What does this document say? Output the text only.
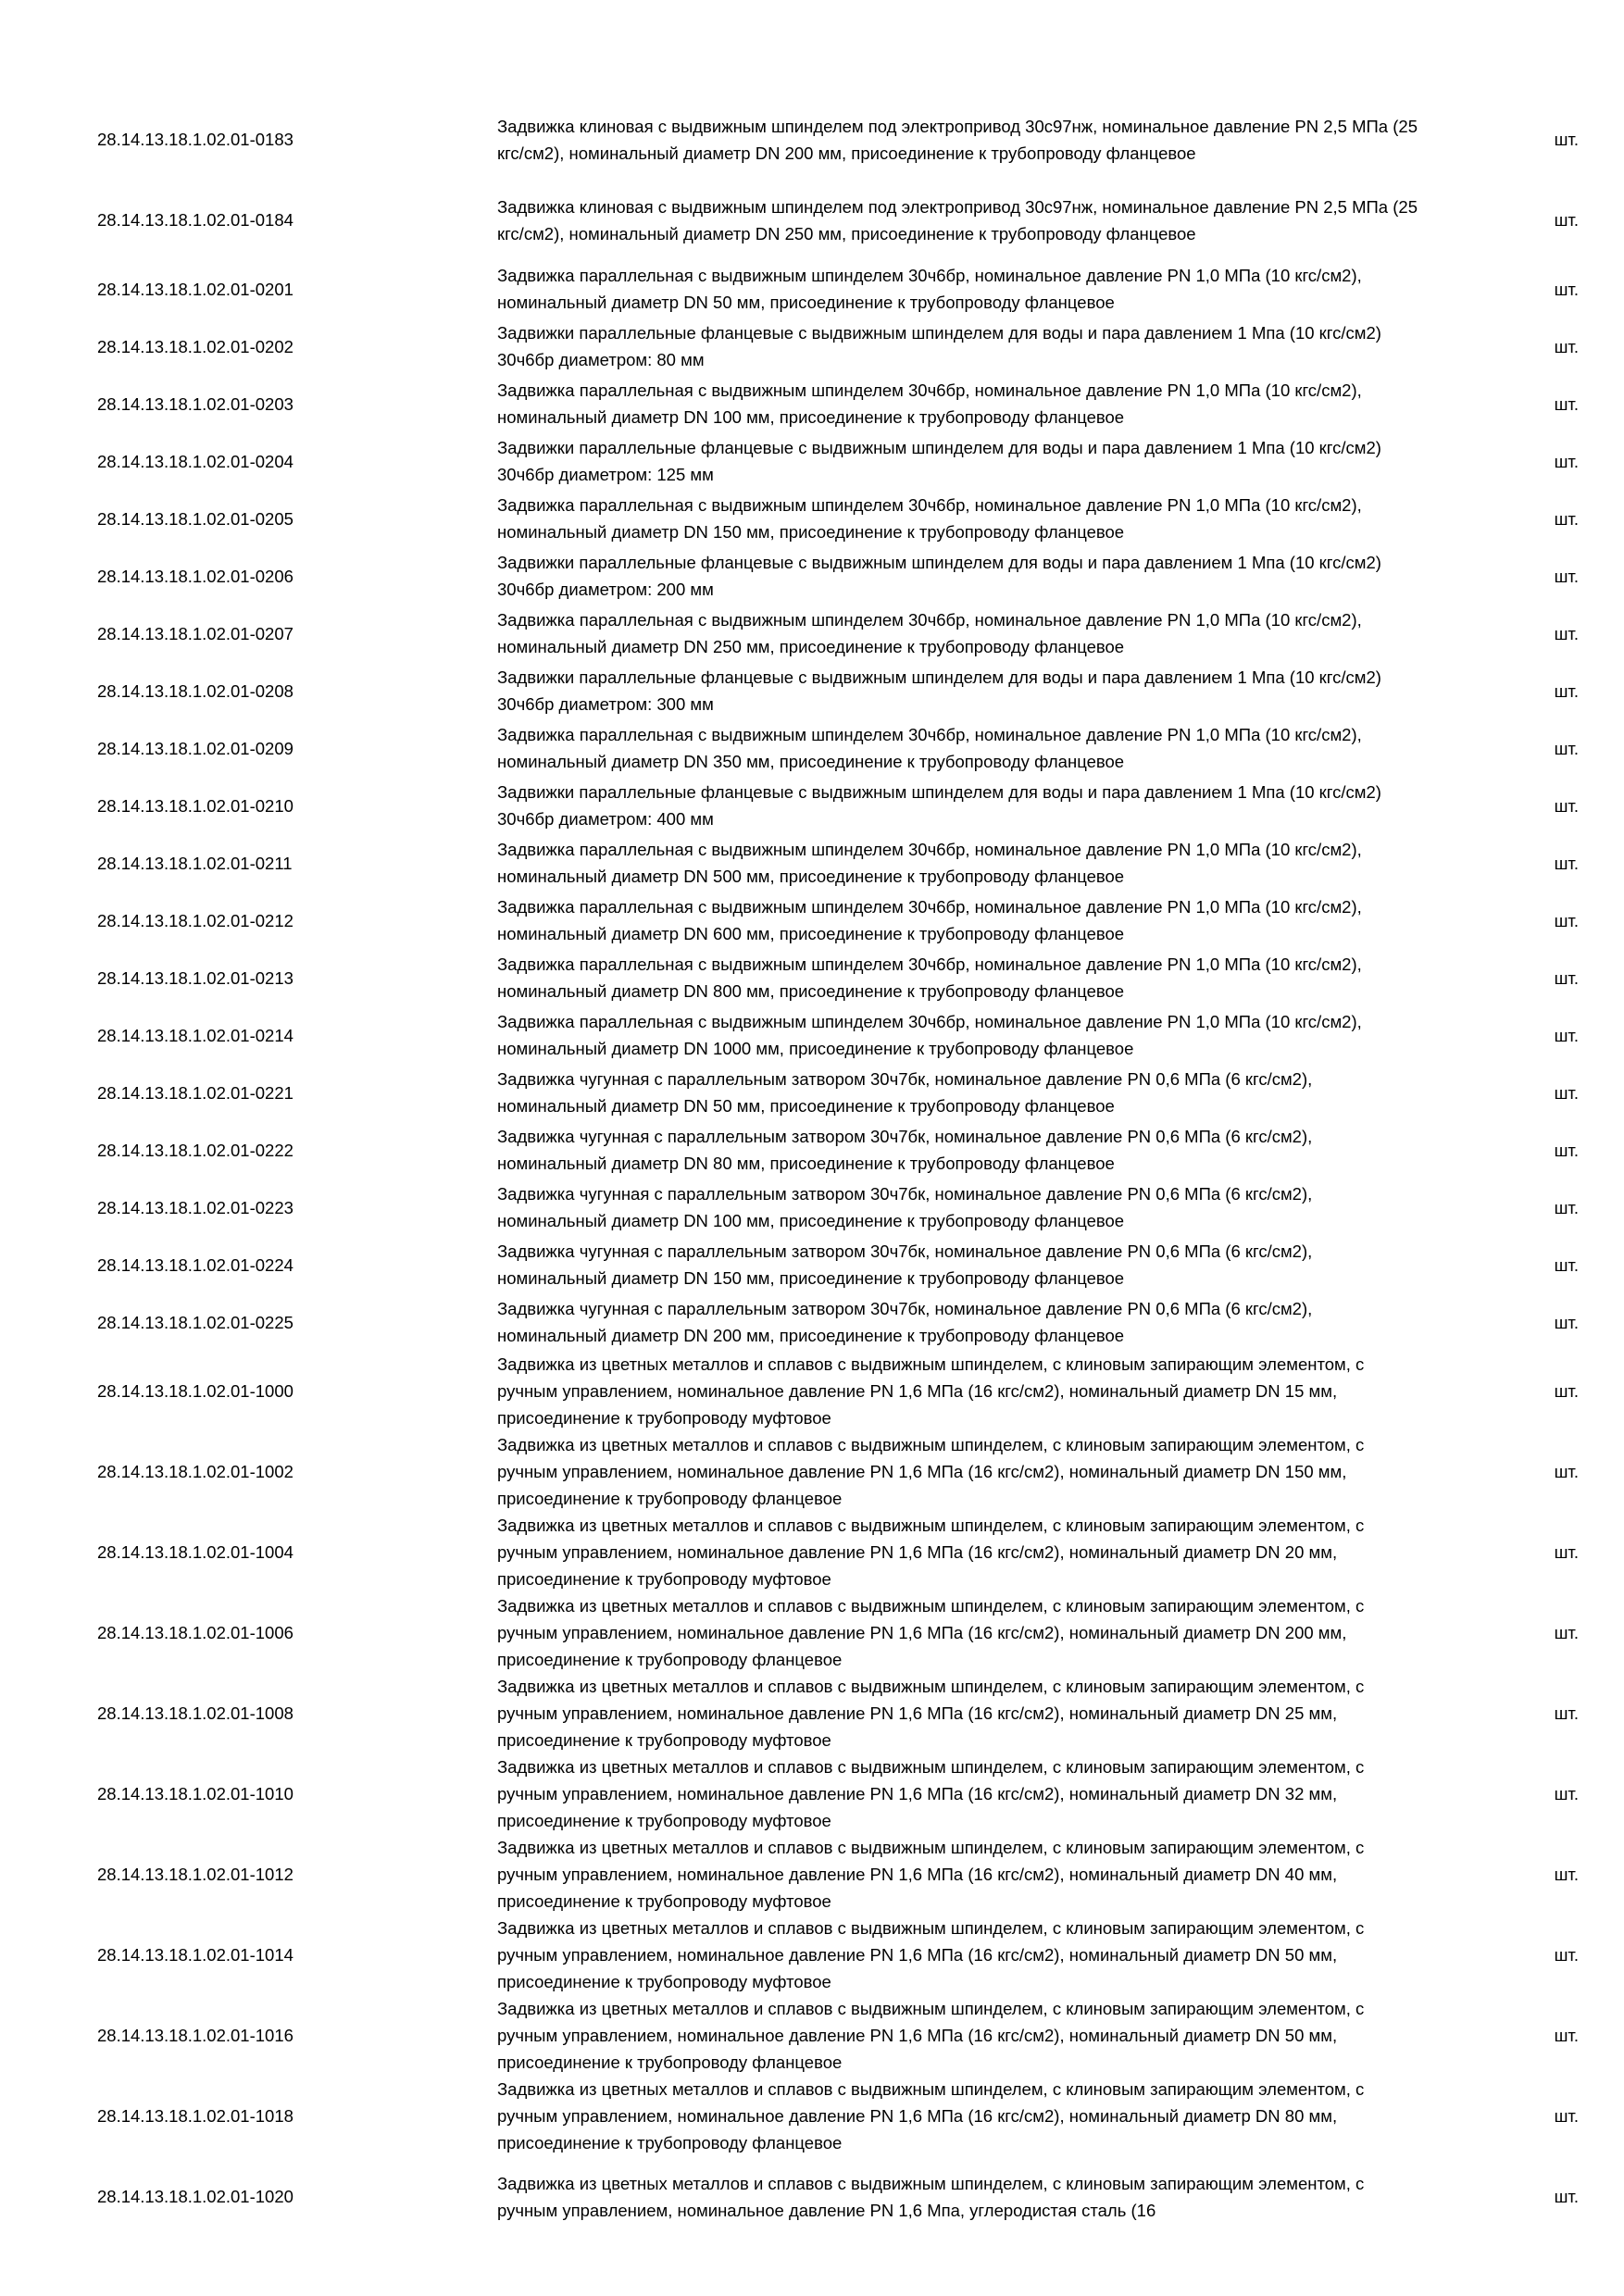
28.14.13.18.1.02.01-0183	Задвижка клиновая с выдвижным шпинделем под электропривод 30с97нж, номинальное давление PN 2,5 МПа (25 кгс/см2), номинальный диаметр DN 200 мм, присоединение к трубопроводу фланцевое	шт.
28.14.13.18.1.02.01-0184	Задвижка клиновая с выдвижным шпинделем под электропривод 30с97нж, номинальное давление PN 2,5 МПа (25 кгс/см2), номинальный диаметр DN 250 мм, присоединение к трубопроводу фланцевое	шт.
28.14.13.18.1.02.01-0201	Задвижка параллельная с выдвижным шпинделем 30ч6бр, номинальное давление PN 1,0 МПа (10 кгс/см2), номинальный диаметр DN 50 мм, присоединение к трубопроводу фланцевое	шт.
28.14.13.18.1.02.01-0202	Задвижки параллельные фланцевые с выдвижным шпинделем для воды и пара давлением 1 Мпа (10 кгс/см2) 30ч6бр диаметром: 80 мм	шт.
28.14.13.18.1.02.01-0203	Задвижка параллельная с выдвижным шпинделем 30ч6бр, номинальное давление PN 1,0 МПа (10 кгс/см2), номинальный диаметр DN 100 мм, присоединение к трубопроводу фланцевое	шт.
28.14.13.18.1.02.01-0204	Задвижки параллельные фланцевые с выдвижным шпинделем для воды и пара давлением 1 Мпа (10 кгс/см2) 30ч6бр диаметром: 125 мм	шт.
28.14.13.18.1.02.01-0205	Задвижка параллельная с выдвижным шпинделем 30ч6бр, номинальное давление PN 1,0 МПа (10 кгс/см2), номинальный диаметр DN 150 мм, присоединение к трубопроводу фланцевое	шт.
28.14.13.18.1.02.01-0206	Задвижки параллельные фланцевые с выдвижным шпинделем для воды и пара давлением 1 Мпа (10 кгс/см2) 30ч6бр диаметром: 200 мм	шт.
28.14.13.18.1.02.01-0207	Задвижка параллельная с выдвижным шпинделем 30ч6бр, номинальное давление PN 1,0 МПа (10 кгс/см2), номинальный диаметр DN 250 мм, присоединение к трубопроводу фланцевое	шт.
28.14.13.18.1.02.01-0208	Задвижки параллельные фланцевые с выдвижным шпинделем для воды и пара давлением 1 Мпа (10 кгс/см2) 30ч6бр диаметром: 300 мм	шт.
28.14.13.18.1.02.01-0209	Задвижка параллельная с выдвижным шпинделем 30ч6бр, номинальное давление PN 1,0 МПа (10 кгс/см2), номинальный диаметр DN 350 мм, присоединение к трубопроводу фланцевое	шт.
28.14.13.18.1.02.01-0210	Задвижки параллельные фланцевые с выдвижным шпинделем для воды и пара давлением 1 Мпа (10 кгс/см2) 30ч6бр диаметром: 400 мм	шт.
28.14.13.18.1.02.01-0211	Задвижка параллельная с выдвижным шпинделем 30ч6бр, номинальное давление PN 1,0 МПа (10 кгс/см2), номинальный диаметр DN 500 мм, присоединение к трубопроводу фланцевое	шт.
28.14.13.18.1.02.01-0212	Задвижка параллельная с выдвижным шпинделем 30ч6бр, номинальное давление PN 1,0 МПа (10 кгс/см2), номинальный диаметр DN 600 мм, присоединение к трубопроводу фланцевое	шт.
28.14.13.18.1.02.01-0213	Задвижка параллельная с выдвижным шпинделем 30ч6бр, номинальное давление PN 1,0 МПа (10 кгс/см2), номинальный диаметр DN 800 мм, присоединение к трубопроводу фланцевое	шт.
28.14.13.18.1.02.01-0214	Задвижка параллельная с выдвижным шпинделем 30ч6бр, номинальное давление PN 1,0 МПа (10 кгс/см2), номинальный диаметр DN 1000 мм, присоединение к трубопроводу фланцевое	шт.
28.14.13.18.1.02.01-0221	Задвижка чугунная с параллельным затвором 30ч7бк, номинальное давление PN 0,6 МПа (6 кгс/см2), номинальный диаметр DN 50 мм, присоединение к трубопроводу фланцевое	шт.
28.14.13.18.1.02.01-0222	Задвижка чугунная с параллельным затвором 30ч7бк, номинальное давление PN 0,6 МПа (6 кгс/см2), номинальный диаметр DN 80 мм, присоединение к трубопроводу фланцевое	шт.
28.14.13.18.1.02.01-0223	Задвижка чугунная с параллельным затвором 30ч7бк, номинальное давление PN 0,6 МПа (6 кгс/см2), номинальный диаметр DN 100 мм, присоединение к трубопроводу фланцевое	шт.
28.14.13.18.1.02.01-0224	Задвижка чугунная с параллельным затвором 30ч7бк, номинальное давление PN 0,6 МПа (6 кгс/см2), номинальный диаметр DN 150 мм, присоединение к трубопроводу фланцевое	шт.
28.14.13.18.1.02.01-0225	Задвижка чугунная с параллельным затвором 30ч7бк, номинальное давление PN 0,6 МПа (6 кгс/см2), номинальный диаметр DN 200 мм, присоединение к трубопроводу фланцевое	шт.
28.14.13.18.1.02.01-1000	Задвижка из цветных металлов и сплавов с выдвижным шпинделем, с клиновым запирающим элементом, с ручным управлением, номинальное давление PN 1,6 МПа (16 кгс/см2), номинальный диаметр DN 15 мм, присоединение к трубопроводу муфтовое	шт.
28.14.13.18.1.02.01-1002	Задвижка из цветных металлов и сплавов с выдвижным шпинделем, с клиновым запирающим элементом, с ручным управлением, номинальное давление PN 1,6 МПа (16 кгс/см2), номинальный диаметр DN 150 мм, присоединение к трубопроводу фланцевое	шт.
28.14.13.18.1.02.01-1004	Задвижка из цветных металлов и сплавов с выдвижным шпинделем, с клиновым запирающим элементом, с ручным управлением, номинальное давление PN 1,6 МПа (16 кгс/см2), номинальный диаметр DN 20 мм, присоединение к трубопроводу муфтовое	шт.
28.14.13.18.1.02.01-1006	Задвижка из цветных металлов и сплавов с выдвижным шпинделем, с клиновым запирающим элементом, с ручным управлением, номинальное давление PN 1,6 МПа (16 кгс/см2), номинальный диаметр DN 200 мм, присоединение к трубопроводу фланцевое	шт.
28.14.13.18.1.02.01-1008	Задвижка из цветных металлов и сплавов с выдвижным шпинделем, с клиновым запирающим элементом, с ручным управлением, номинальное давление PN 1,6 МПа (16 кгс/см2), номинальный диаметр DN 25 мм, присоединение к трубопроводу муфтовое	шт.
28.14.13.18.1.02.01-1010	Задвижка из цветных металлов и сплавов с выдвижным шпинделем, с клиновым запирающим элементом, с ручным управлением, номинальное давление PN 1,6 МПа (16 кгс/см2), номинальный диаметр DN 32 мм, присоединение к трубопроводу муфтовое	шт.
28.14.13.18.1.02.01-1012	Задвижка из цветных металлов и сплавов с выдвижным шпинделем, с клиновым запирающим элементом, с ручным управлением, номинальное давление PN 1,6 МПа (16 кгс/см2), номинальный диаметр DN 40 мм, присоединение к трубопроводу муфтовое	шт.
28.14.13.18.1.02.01-1014	Задвижка из цветных металлов и сплавов с выдвижным шпинделем, с клиновым запирающим элементом, с ручным управлением, номинальное давление PN 1,6 МПа (16 кгс/см2), номинальный диаметр DN 50 мм, присоединение к трубопроводу муфтовое	шт.
28.14.13.18.1.02.01-1016	Задвижка из цветных металлов и сплавов с выдвижным шпинделем, с клиновым запирающим элементом, с ручным управлением, номинальное давление PN 1,6 МПа (16 кгс/см2), номинальный диаметр DN 50 мм, присоединение к трубопроводу фланцевое	шт.
28.14.13.18.1.02.01-1018	Задвижка из цветных металлов и сплавов с выдвижным шпинделем, с клиновым запирающим элементом, с ручным управлением, номинальное давление PN 1,6 МПа (16 кгс/см2), номинальный диаметр DN 80 мм, присоединение к трубопроводу фланцевое	шт.
28.14.13.18.1.02.01-1020	Задвижка из цветных металлов и сплавов с выдвижным шпинделем, с клиновым запирающим элементом, с ручным управлением, номинальное давление PN 1,6 Мпа, углеродистая сталь (16	шт.
